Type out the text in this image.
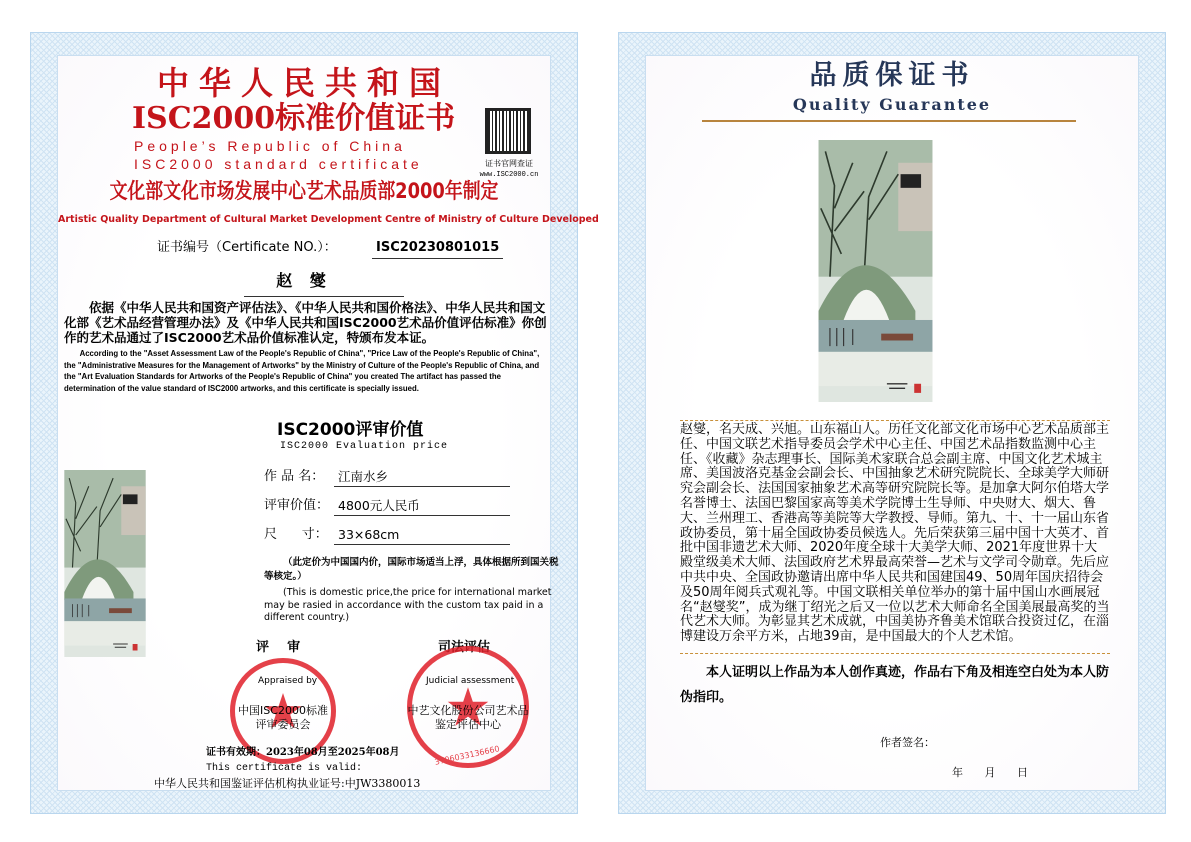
中华人民共和国
ISC2000标准价值证书
People’s Republic of China
ISC2000 standard certificate	证书官网查证
www.ISC2000.cn
文化部文化市场发展中心艺术品质部2000年制定
Artistic Quality Department of Cultural Market Development Centre of Ministry of Culture Developed
证书编号（Certificate NO.）：	ISC20230801015
赵 燮
依据《中华人民共和国资产评估法》、《中华人民共和国价格法》、中华人民共和国文化部《艺术品经营管理办法》及《中华人民共和国ISC2000艺术品价值评估标准》你创作的艺术品通过了ISC2000艺术品价值标准认定，特颁布发本证。
According to the "Asset Assessment Law of the People's Republic of China", "Price Law of the People's Republic of China", the "Administrative Measures for the Management of Artworks" by the Ministry of Culture of the People's Republic of China, and the "Art Evaluation Standards for Artworks of the People's Republic of China" you created The artifact has passed the determination of the value standard of ISC2000 artworks, and this certificate is specially issued.
ISC2000评审价值
ISC2000 Evaluation price
作 品 名：	江南水乡
评审价值： 4800元人民币
尺      寸： 33×68cm
（此定价为中国国内价，国际市场适当上浮，具体根据所到国关税等核定。）
(This is domestic price,the price for international market may be rasied in accordance with the custom tax paid in a different country.)
评    审	司法评估
3706033136660
Appraised by	Judicial assessment
中国ISC2000标准
评审委员会
中艺文化股份公司艺术品
鉴定评估中心
证书有效期：2023年08月至2025年08月
This certificate is valid:
中华人民共和国鉴证评估机构执业证号:中JW3380013
品质保证书
Quality Guarantee
赵燮，名天成、兴旭。山东福山人。历任文化部文化市场中心艺术品质部主任、中国文联艺术指导委员会学术中心主任、中国艺术品指数监测中心主任、《收藏》杂志理事长、国际美术家联合总会副主席、中国文化艺术城主席、美国波洛克基金会副会长、中国抽象艺术研究院院长、全球美学大师研究会副会长、法国国家抽象艺术高等研究院院长等。是加拿大阿尔伯塔大学名誉博士、法国巴黎国家高等美术学院博士生导师、中央财大、烟大、鲁大、兰州理工、香港高等美院等大学教授、导师。第九、十、十一届山东省政协委员，第十届全国政协委员候选人。先后荣获第三届中国十大英才、首批中国非遗艺术大师、2020年度全球十大美学大师、2021年度世界十大殿堂级美术大师、法国政府艺术界最高荣誉—艺术与文学司令勋章。先后应中共中央、全国政协邀请出席中华人民共和国建国49、50周年国庆招待会及50周年阅兵式观礼等。中国文联相关单位举办的第十届中国山水画展冠名“赵燮奖”，成为继丁绍光之后又一位以艺术大师命名全国美展最高奖的当代艺术大师。为彰显其艺术成就，中国美协齐鲁美术馆联合投资过亿，在淄博建设万余平方米，占地39亩，是中国最大的个人艺术馆。
本人证明以上作品为本人创作真迹，作品右下角及相连空白处为本人防伪指印。
作者签名：
年 月 日
